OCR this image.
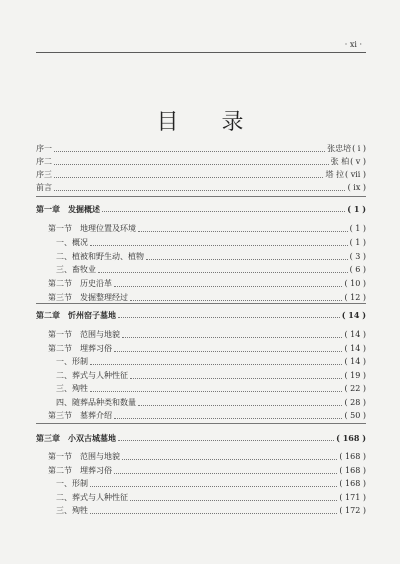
· xi ·
目 录
序一	张忠培 ( i )
序二	张 柏 ( v )
序三	塔 拉 ( vii )
前言	( ix )
第一章　发掘概述	( 1 )
第一节　地理位置及环境	( 1 )
一、概况	( 1 )
二、植被和野生动、植物	( 3 )
三、畜牧业	( 6 )
第二节　历史沿革	( 10 )
第三节　发掘整理经过	( 12 )
第二章　忻州窑子墓地	( 14 )
第一节　范围与地貌	( 14 )
第二节　埋葬习俗	( 14 )
一、形制	( 14 )
二、葬式与人种性征	( 19 )
三、殉牲	( 22 )
四、随葬品种类和数量	( 28 )
第三节　墓葬介绍	( 50 )
第三章　小双古城墓地	( 168 )
第一节　范围与地貌	( 168 )
第二节　埋葬习俗	( 168 )
一、形制	( 168 )
二、葬式与人种性征	( 171 )
三、殉牲	( 172 )
